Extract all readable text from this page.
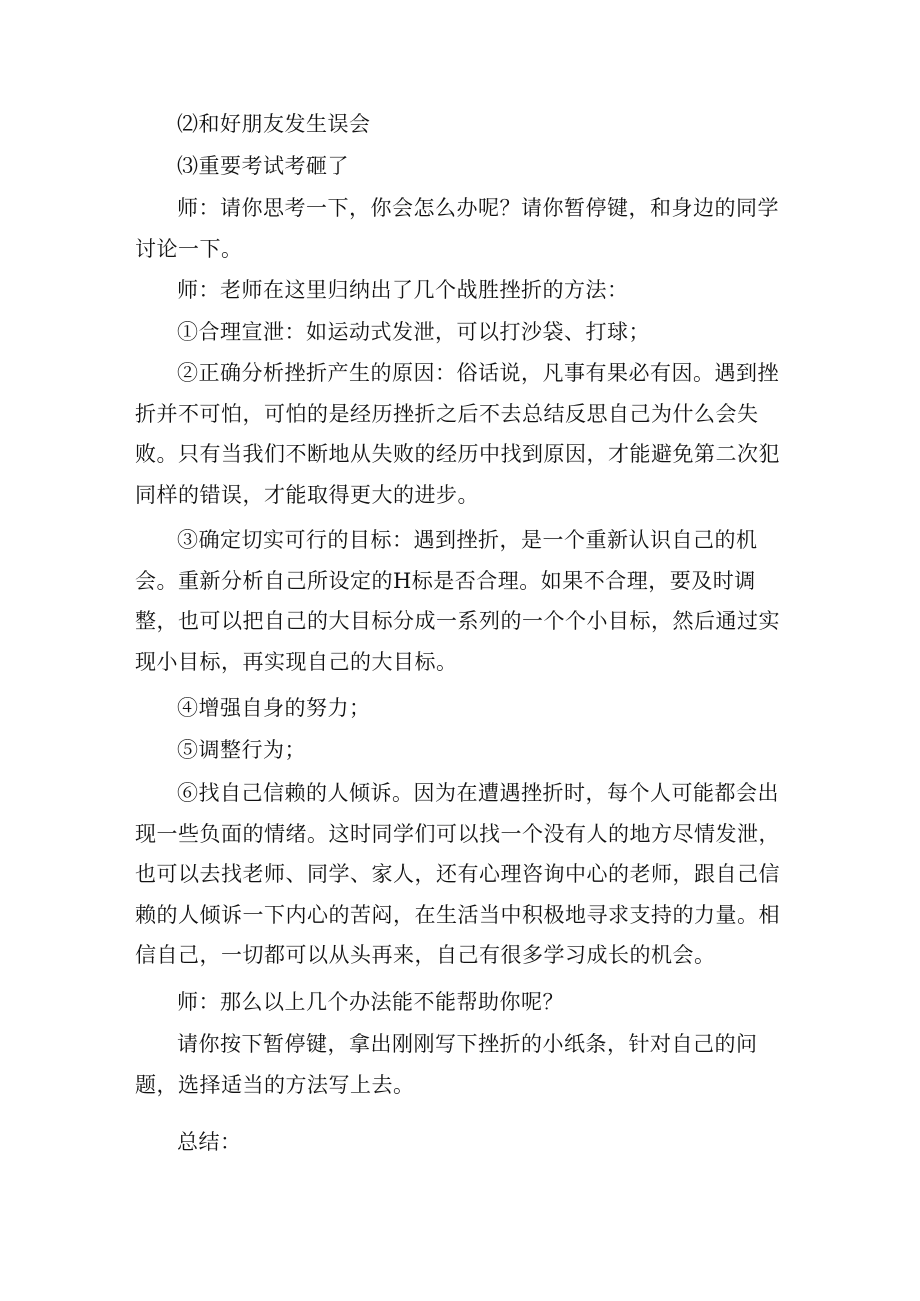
⑵和好朋友发生误会

⑶重要考试考砸了

师：请你思考一下，你会怎么办呢？请你暂停键，和身边的同学讨论一下。

师：老师在这里归纳出了几个战胜挫折的方法：

①合理宣泄：如运动式发泄，可以打沙袋、打球；

②正确分析挫折产生的原因：俗话说，凡事有果必有因。遇到挫折并不可怕，可怕的是经历挫折之后不去总结反思自己为什么会失败。只有当我们不断地从失败的经历中找到原因，才能避免第二次犯同样的错误，才能取得更大的进步。

③确定切实可行的目标：遇到挫折，是一个重新认识自己的机会。重新分析自己所设定的H标是否合理。如果不合理，要及时调整，也可以把自己的大目标分成一系列的一个个小目标，然后通过实现小目标，再实现自己的大目标。

④增强自身的努力；

⑤调整行为；

⑥找自己信赖的人倾诉。因为在遭遇挫折时，每个人可能都会出现一些负面的情绪。这时同学们可以找一个没有人的地方尽情发泄，也可以去找老师、同学、家人，还有心理咨询中心的老师，跟自己信赖的人倾诉一下内心的苦闷，在生活当中积极地寻求支持的力量。相信自己，一切都可以从头再来，自己有很多学习成长的机会。

师：那么以上几个办法能不能帮助你呢？

请你按下暂停键，拿出刚刚写下挫折的小纸条，针对自己的问题，选择适当的方法写上去。

总结：
